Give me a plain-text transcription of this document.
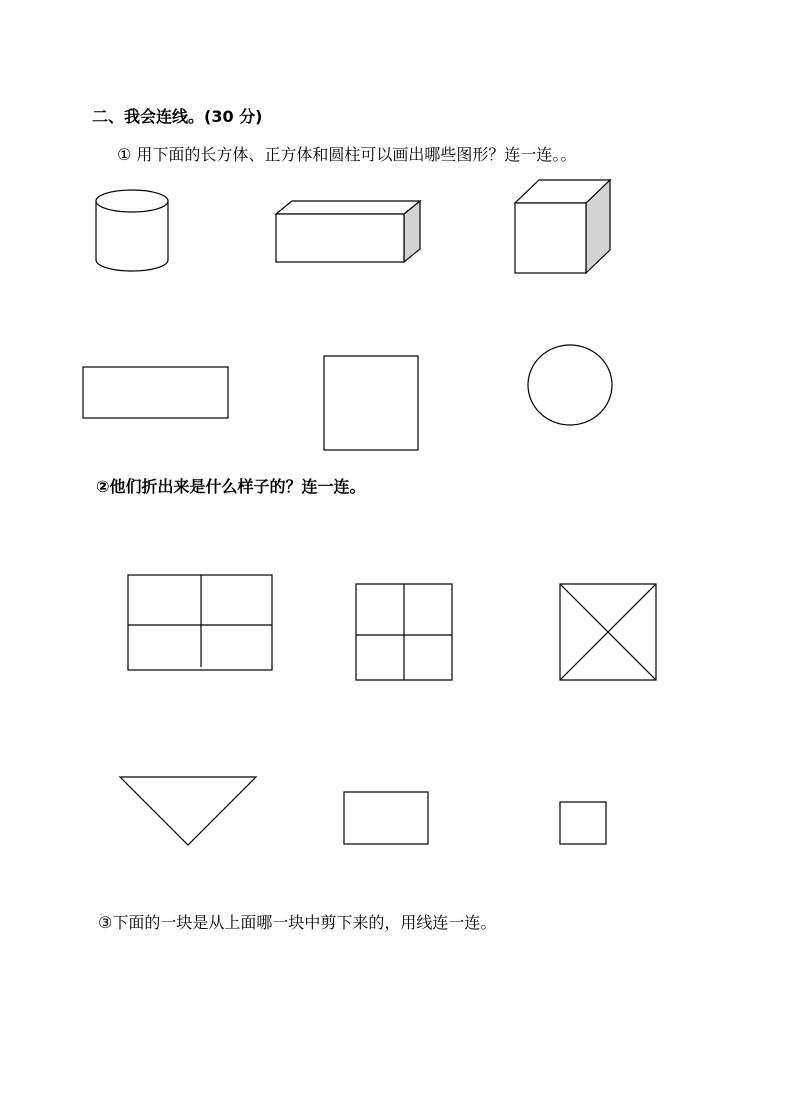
二、我会连线。(30 分)
① 用下面的长方体、正方体和圆柱可以画出哪些图形？连一连。。
②他们折出来是什么样子的？连一连。
③下面的一块是从上面哪一块中剪下来的，用线连一连。
